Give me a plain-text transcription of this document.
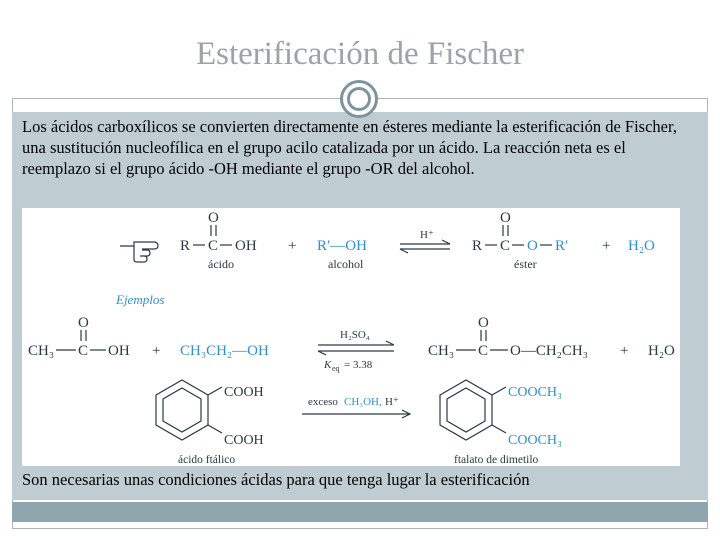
Esterificación de Fischer

Los ácidos carboxílicos se convierten directamente en ésteres mediante la esterificación de Fischer, una sustitución nucleofílica en el grupo acilo catalizada por un ácido. La reacción neta es el reemplazo si el grupo ácido -OH mediante el grupo -OR del alcohol.

R C OH
O
ácido
+ R′—OH
alcohol
H⁺
R C
O
O R′
éster
+ H₂O
Ejemplos
CH₃ C
O
OH + CH₃CH₂—OH
H₂SO₄
K eq = 3.38
CH₃ C
O
O—CH₂CH₃ + H₂O
COOH
COOH
ácido ftálico
exceso CH₃OH, H⁺
COOCH₃
COOCH₃
ftalato de dimetilo
Son necesarias unas condiciones ácidas para que tenga lugar la esterificación
